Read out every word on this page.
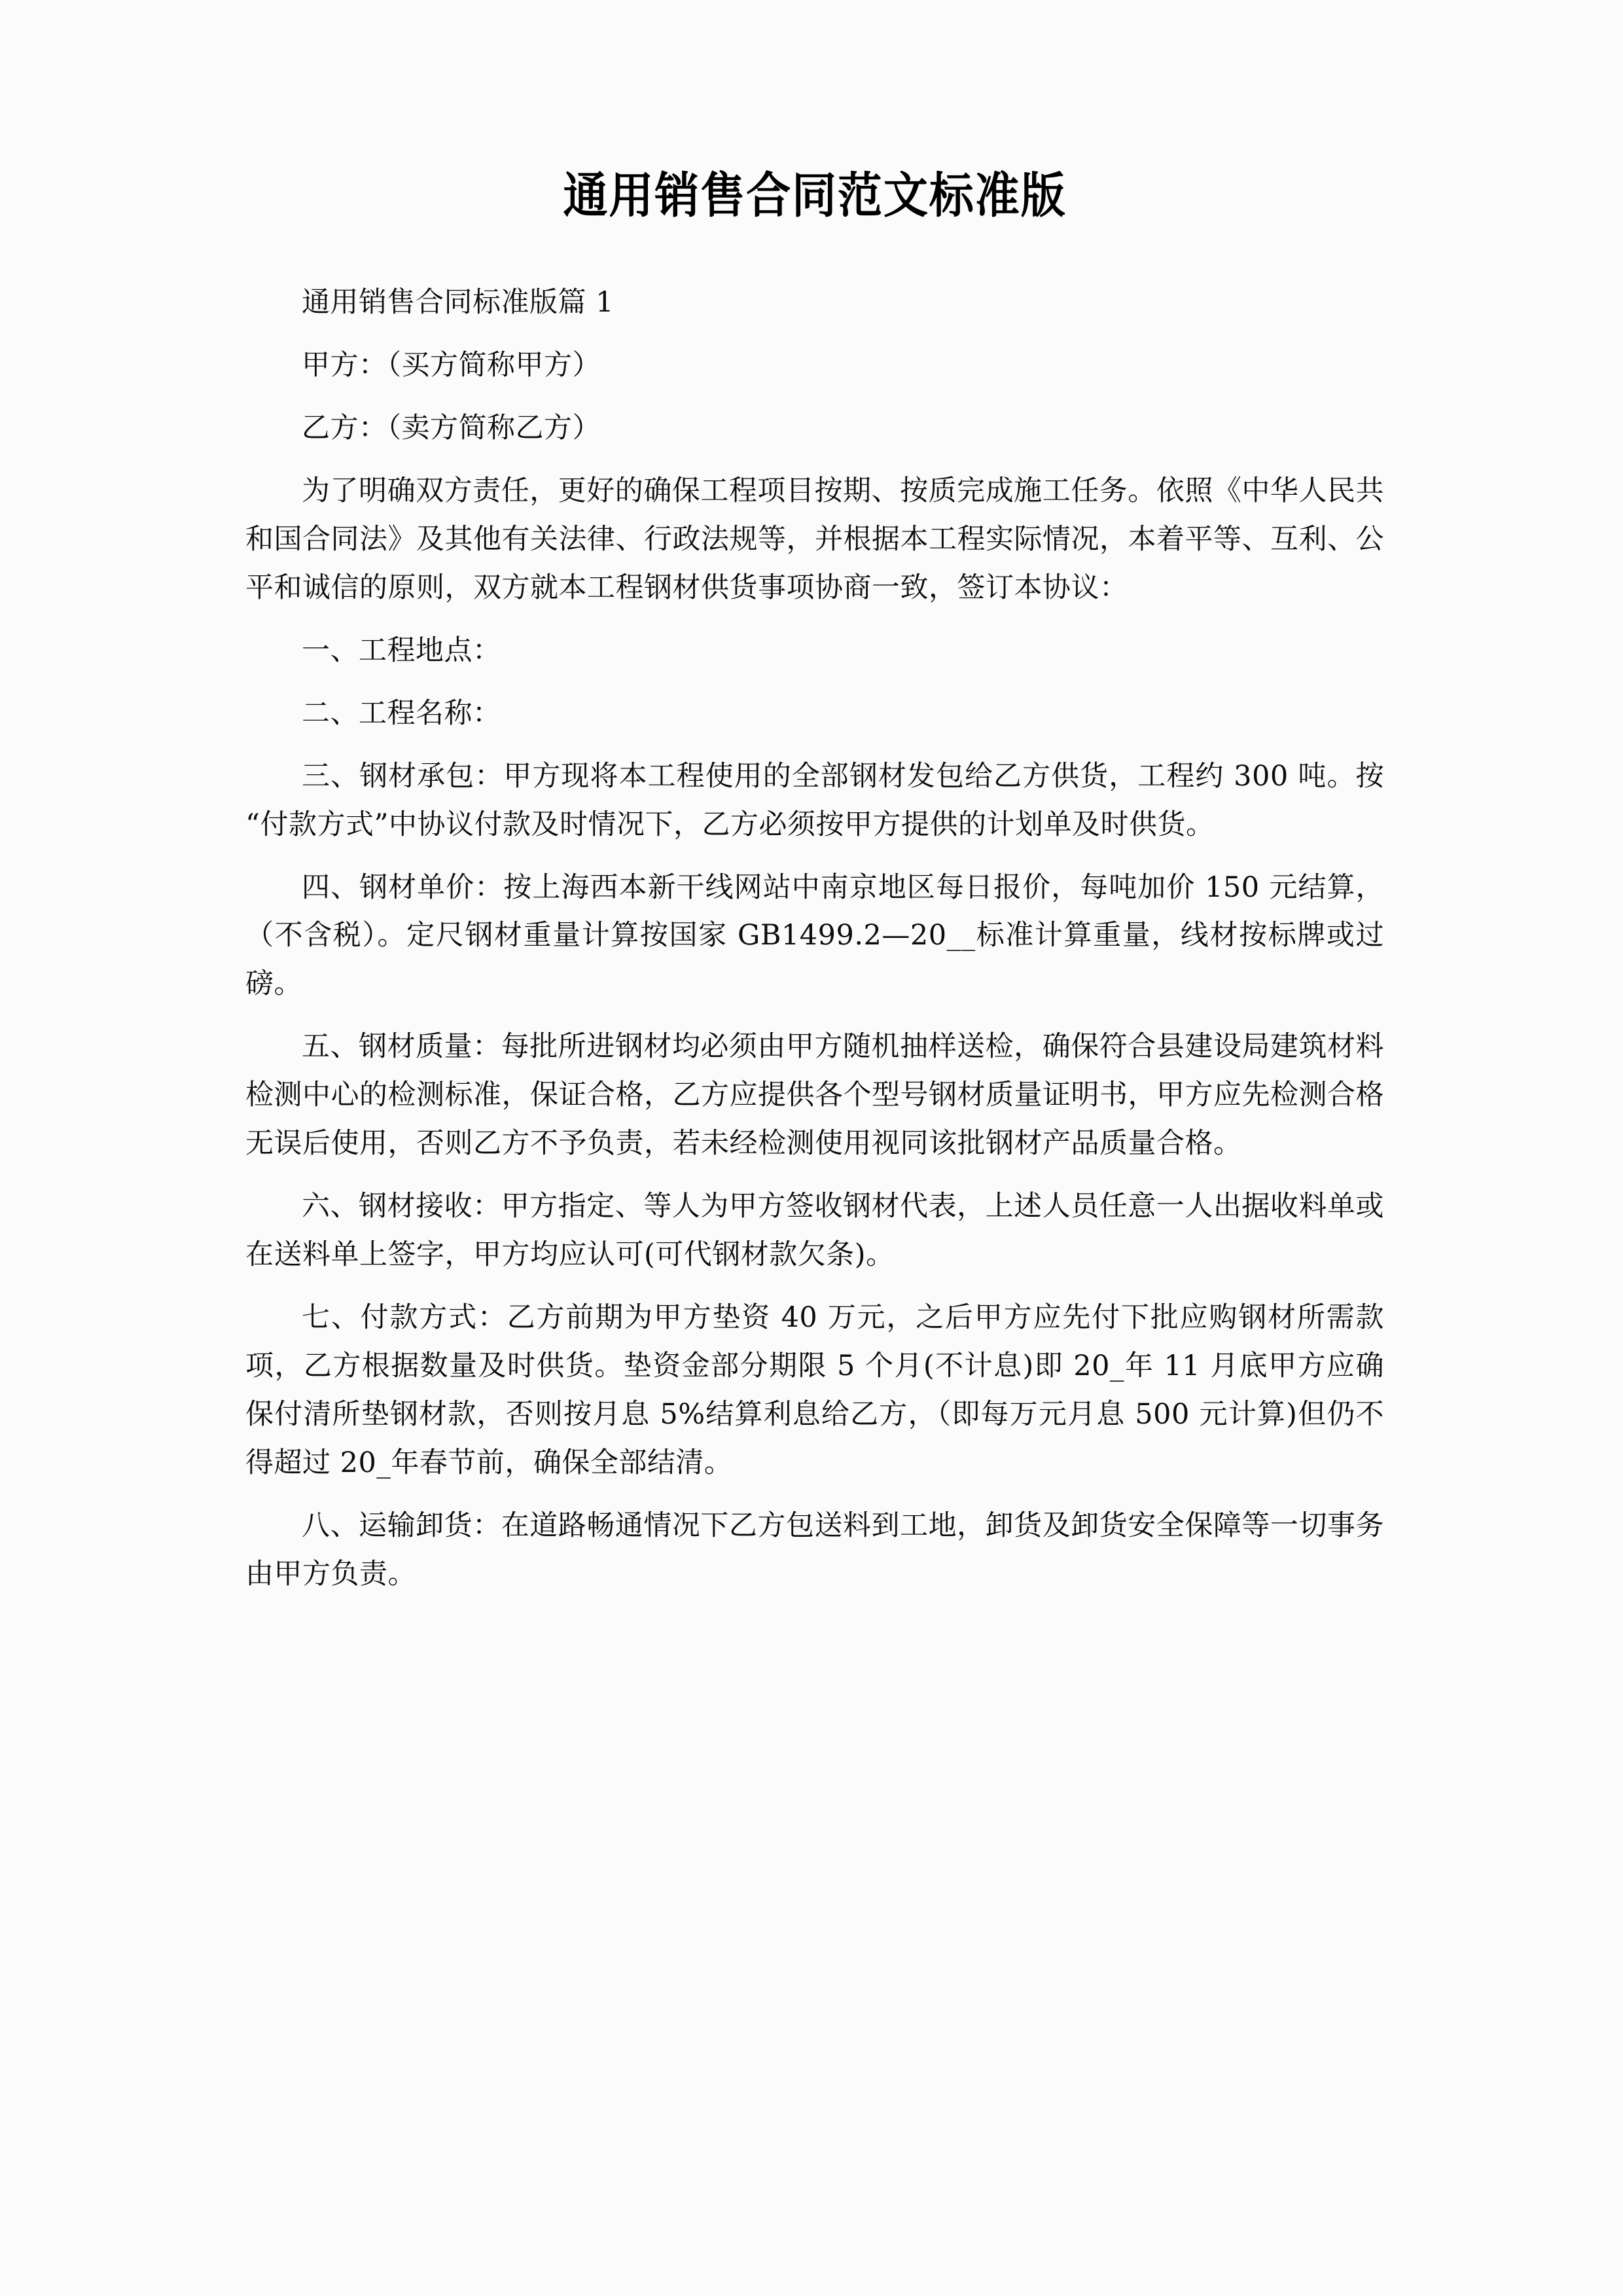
通用销售合同范文标准版

通用销售合同标准版篇 1

甲方：（买方简称甲方）

乙方：（卖方简称乙方）

为了明确双方责任，更好的确保工程项目按期、按质完成施工任务。依照《中华人民共和国合同法》及其他有关法律、行政法规等，并根据本工程实际情况，本着平等、互利、公平和诚信的原则，双方就本工程钢材供货事项协商一致，签订本协议：

一、工程地点：

二、工程名称：

三、钢材承包：甲方现将本工程使用的全部钢材发包给乙方供货，工程约 300 吨。按“付款方式”中协议付款及时情况下，乙方必须按甲方提供的计划单及时供货。

四、钢材单价：按上海西本新干线网站中南京地区每日报价，每吨加价 150 元结算，（不含税）。定尺钢材重量计算按国家 GB1499.2—20__标准计算重量，线材按标牌或过磅。

五、钢材质量：每批所进钢材均必须由甲方随机抽样送检，确保符合县建设局建筑材料检测中心的检测标准，保证合格，乙方应提供各个型号钢材质量证明书，甲方应先检测合格无误后使用，否则乙方不予负责，若未经检测使用视同该批钢材产品质量合格。

六、钢材接收：甲方指定、等人为甲方签收钢材代表，上述人员任意一人出据收料单或在送料单上签字，甲方均应认可(可代钢材款欠条)。

七、付款方式：乙方前期为甲方垫资 40 万元，之后甲方应先付下批应购钢材所需款项，乙方根据数量及时供货。垫资金部分期限 5 个月(不计息)即 20_年 11 月底甲方应确保付清所垫钢材款，否则按月息 5%结算利息给乙方，（即每万元月息 500 元计算)但仍不得超过 20_年春节前，确保全部结清。

八、运输卸货：在道路畅通情况下乙方包送料到工地，卸货及卸货安全保障等一切事务由甲方负责。
